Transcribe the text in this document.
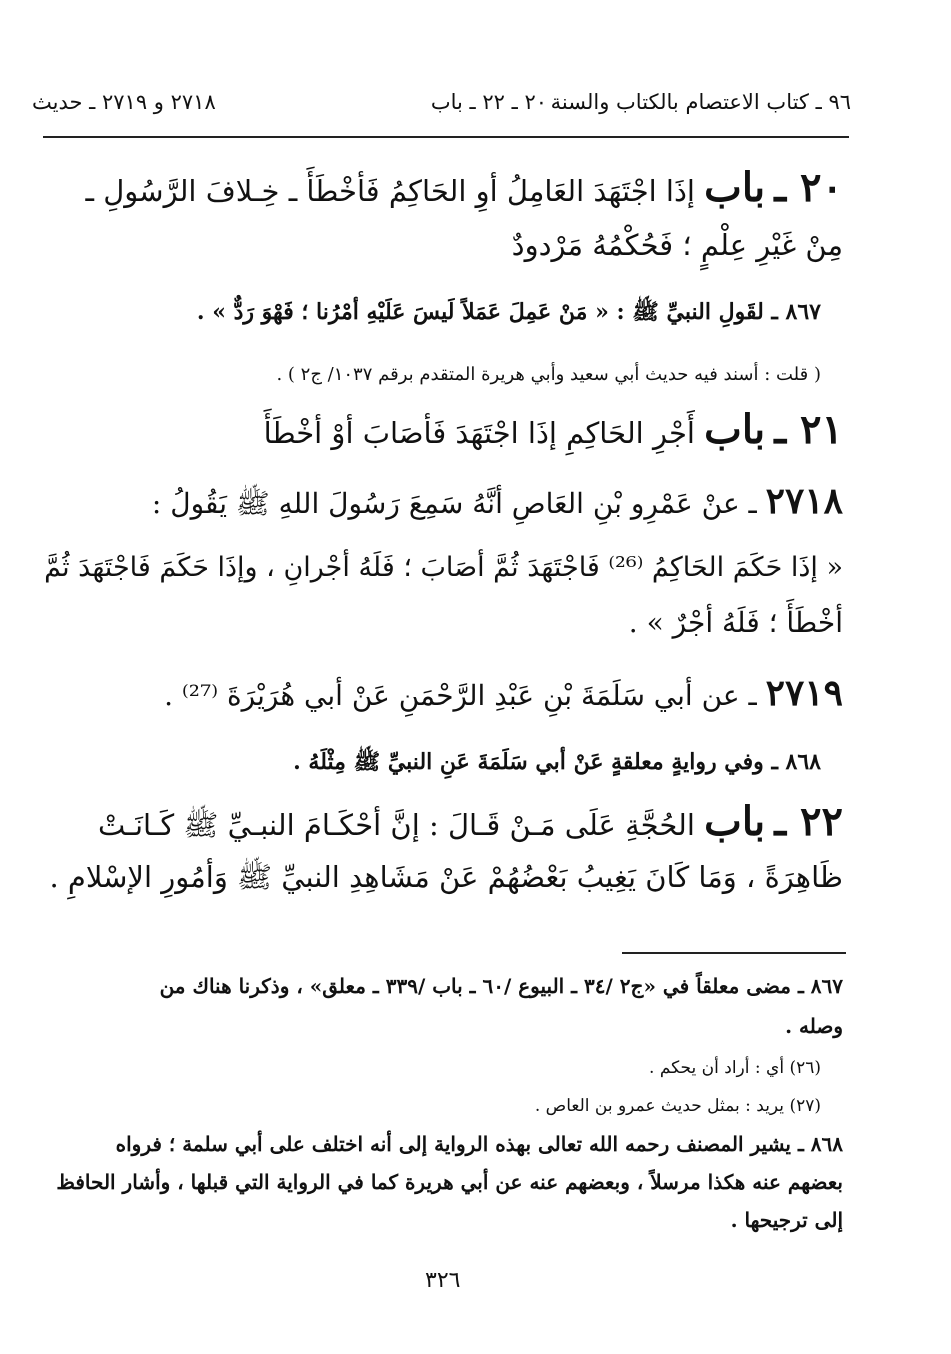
٩٦ ـ كتاب الاعتصام بالكتاب والسنة
٢٠ ـ ٢٢ ـ باب
٢٧١٨ و ٢٧١٩ ـ حديث
٢٠ ـ باب إذَا اجْتَهَدَ العَامِلُ أوِ الحَاكِمُ فَأخْطَأَ ـ خِـلافَ الرَّسُولِ ـ
مِنْ غَيْرِ عِلْمٍ ؛ فَحُكْمُهُ مَرْدودٌ
٨٦٧ ـ لقَولِ النبيِّ ﷺ : « مَنْ عَمِلَ عَمَلاً لَيسَ عَلَيْهِ أمْرُنا ؛ فَهْوَ رَدٌّ » .
( قلت : أسند فيه حديث أبي سعيد وأبي هريرة المتقدم برقم ١٠٣٧/ ج٢ ) .
٢١ ـ باب أَجْرِ الحَاكِمِ إذَا اجْتَهَدَ فَأصَابَ أوْ أخْطَأَ
٢٧١٨ ـ عنْ عَمْرِو بْنِ العَاصِ أنَّهُ سَمِعَ رَسُولَ اللهِ ﷺ يَقُولُ :
« إذَا حَكَمَ الحَاكِمُ ⁽²⁶⁾ فَاجْتَهَدَ ثُمَّ أصَابَ ؛ فَلَهُ أجْرانِ ، وإذَا حَكَمَ فَاجْتَهَدَ ثُمَّ
أخْطَأَ ؛ فَلَهُ أجْرٌ » .
٢٧١٩ ـ عن أبي سَلَمَةَ بْنِ عَبْدِ الرَّحْمَنِ عَنْ أبي هُرَيْرَةَ ⁽²⁷⁾ .
٨٦٨ ـ وفي روايةٍ معلقةٍ عَنْ أبي سَلَمَةَ عَنِ النبيِّ ﷺ مِثْلَهُ .
٢٢ ـ باب الحُجَّةِ عَلَى مَـنْ قَـالَ : إنَّ أحْكَـامَ النبـيِّ ﷺ كَـانَـتْ
ظَاهِرَةً ، وَمَا كَانَ يَغِيبُ بَعْضُهُمْ عَنْ مَشَاهِدِ النبيِّ ﷺ وَأمُورِ الإسْلامِ .
٨٦٧ ـ مضى معلقاً في «ج٢ /٣٤ ـ البيوع /٦٠ ـ باب /٣٣٩ ـ معلق» ، وذكرنا هناك من
وصله .
(٢٦) أي : أراد أن يحكم .
(٢٧) يريد : بمثل حديث عمرو بن العاص .
٨٦٨ ـ يشير المصنف رحمه الله تعالى بهذه الرواية إلى أنه اختلف على أبي سلمة ؛ فرواه
بعضهم عنه هكذا مرسلاً ، وبعضهم عنه عن أبي هريرة كما في الرواية التي قبلها ، وأشار الحافظ
إلى ترجيحها .
٣٢٦
